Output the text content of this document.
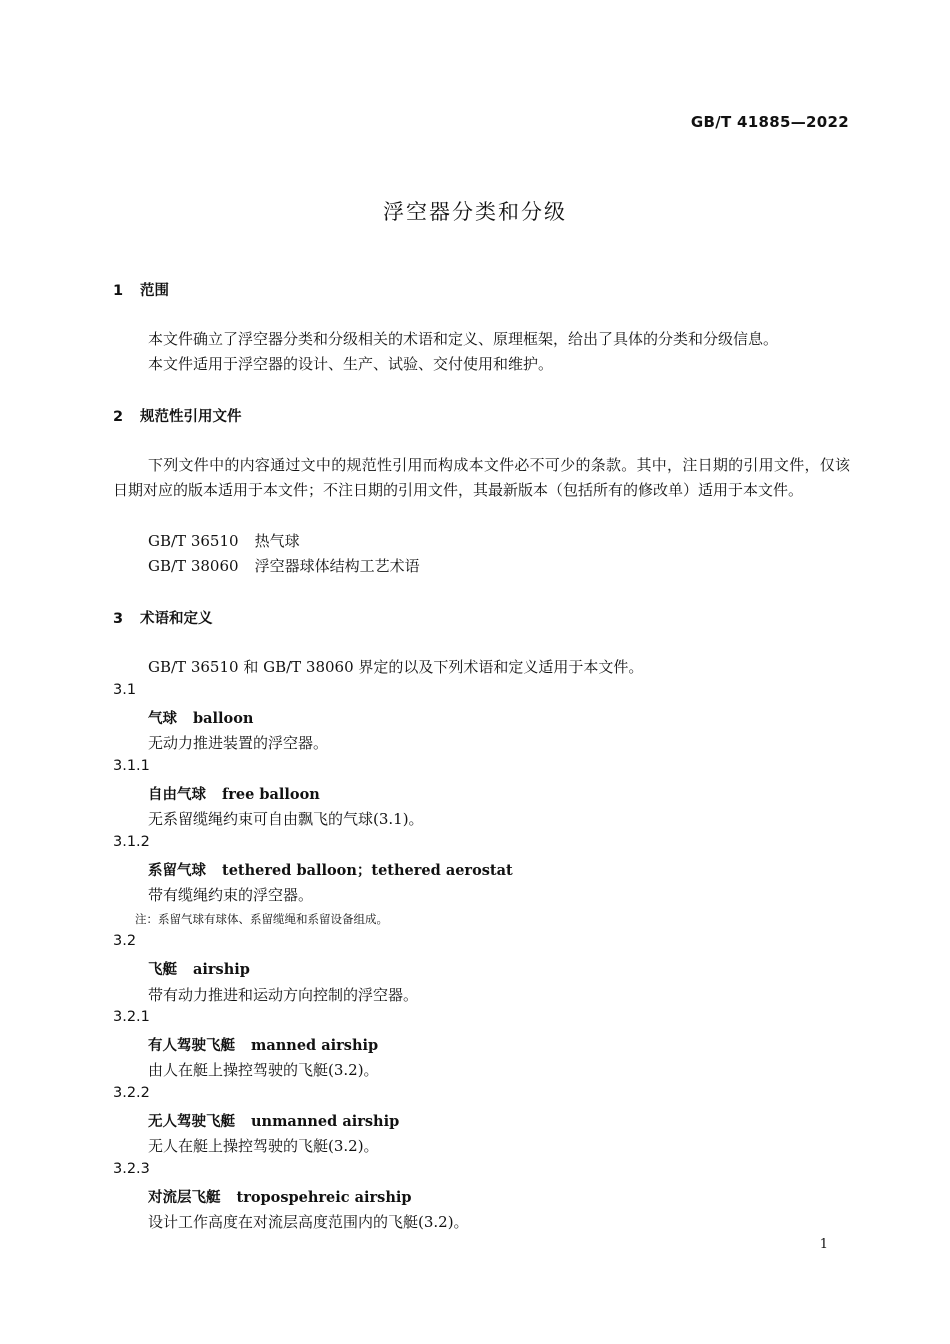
GB/T 41885—2022
浮空器分类和分级
1 范围
本文件确立了浮空器分类和分级相关的术语和定义、原理框架，给出了具体的分类和分级信息。
本文件适用于浮空器的设计、生产、试验、交付使用和维护。
2 规范性引用文件
下列文件中的内容通过文中的规范性引用而构成本文件必不可少的条款。其中，注日期的引用文件，仅该日期对应的版本适用于本文件；不注日期的引用文件，其最新版本（包括所有的修改单）适用于本文件。
GB/T 36510 热气球
GB/T 38060 浮空器球体结构工艺术语
3 术语和定义
GB/T 36510 和 GB/T 38060 界定的以及下列术语和定义适用于本文件。
3.1
气球 balloon
无动力推进装置的浮空器。
3.1.1
自由气球 free balloon
无系留缆绳约束可自由飘飞的气球(3.1)。
3.1.2
系留气球 tethered balloon；tethered aerostat
带有缆绳约束的浮空器。
注：系留气球有球体、系留缆绳和系留设备组成。
3.2
飞艇 airship
带有动力推进和运动方向控制的浮空器。
3.2.1
有人驾驶飞艇 manned airship
由人在艇上操控驾驶的飞艇(3.2)。
3.2.2
无人驾驶飞艇 unmanned airship
无人在艇上操控驾驶的飞艇(3.2)。
3.2.3
对流层飞艇 tropospehreic airship
设计工作高度在对流层高度范围内的飞艇(3.2)。
1
